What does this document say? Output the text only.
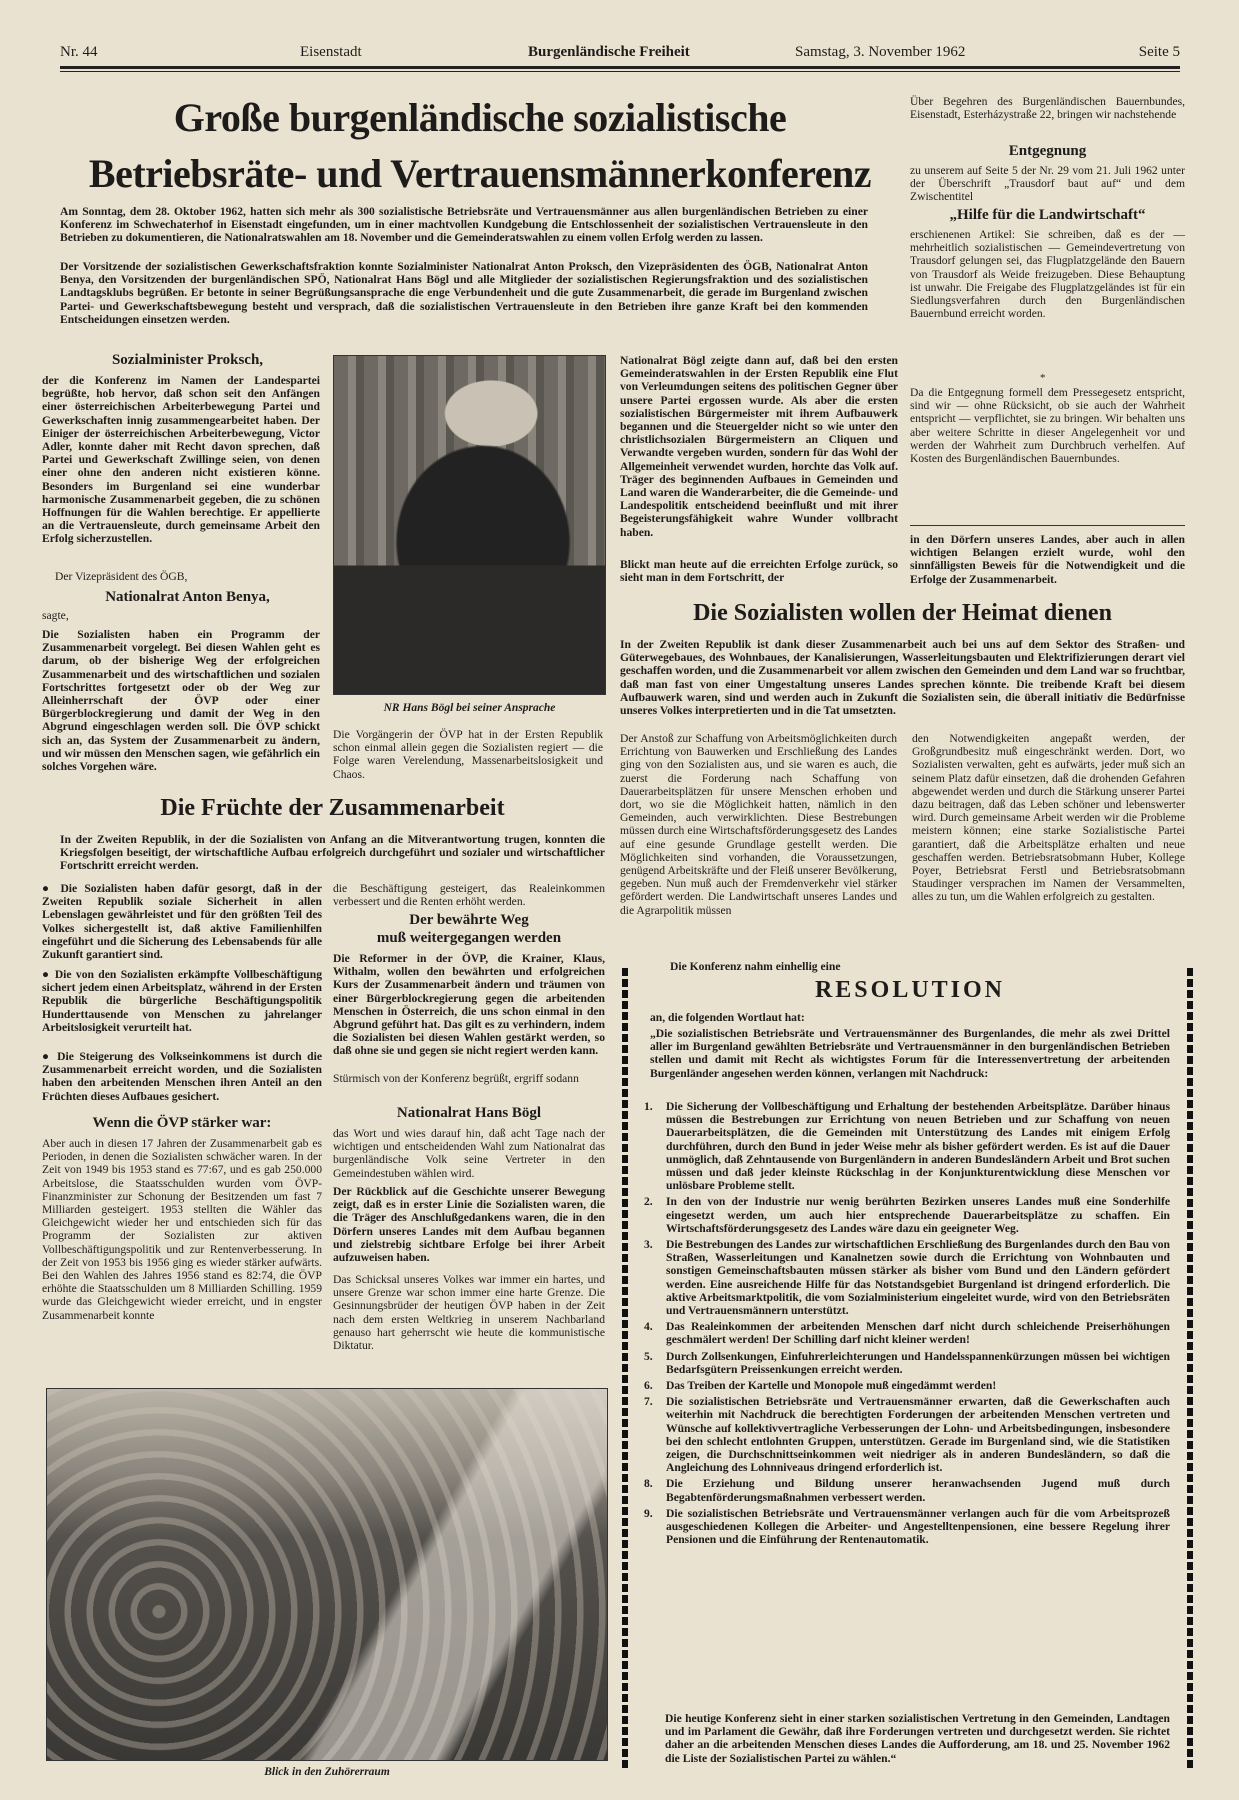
Nr. 44	Eisenstadt	Burgenländische Freiheit	Samstag, 3. November 1962	Seite 5
Große burgenländische sozialistische
Betriebsräte- und Vertrauensmännerkonferenz
Am Sonntag, dem 28. Oktober 1962, hatten sich mehr als 300 sozialistische Betriebsräte und Vertrauensmänner aus allen burgenländischen Betrieben zu einer Konferenz im Schwechaterhof in Eisenstadt eingefunden, um in einer machtvollen Kundgebung die Entschlossenheit der sozialistischen Vertrauensleute in den Betrieben zu dokumentieren, die Nationalratswahlen am 18. November und die Gemeinderatswahlen zu einem vollen Erfolg werden zu lassen.
Der Vorsitzende der sozialistischen Gewerkschaftsfraktion konnte Sozialminister Nationalrat Anton Proksch, den Vizepräsidenten des ÖGB, Nationalrat Anton Benya, den Vorsitzenden der burgenländischen SPÖ, Nationalrat Hans Bögl und alle Mitglieder der sozialistischen Regierungsfraktion und des sozialistischen Landtagsklubs begrüßen. Er betonte in seiner Begrüßungsansprache die enge Verbundenheit und die gute Zusammenarbeit, die gerade im Burgenland zwischen Partei- und Gewerkschaftsbewegung besteht und versprach, daß die sozialistischen Vertrauensleute in den Betrieben ihre ganze Kraft bei den kommenden Entscheidungen einsetzen werden.
Sozialminister Proksch,
der die Konferenz im Namen der Landespartei begrüßte, hob hervor, daß schon seit den Anfängen einer österreichischen Arbeiterbewegung Partei und Gewerkschaften innig zusammengearbeitet haben. Der Einiger der österreichischen Arbeiterbewegung, Victor Adler, konnte daher mit Recht davon sprechen, daß Partei und Gewerkschaft Zwillinge seien, von denen einer ohne den anderen nicht existieren könne. Besonders im Burgenland sei eine wunderbar harmonische Zusammenarbeit gegeben, die zu schönen Hoffnungen für die Wahlen berechtige. Er appellierte an die Vertrauensleute, durch gemeinsame Arbeit den Erfolg sicherzustellen.
Der Vizepräsident des ÖGB,
Nationalrat Anton Benya,
sagte,
Die Sozialisten haben ein Programm der Zusammenarbeit vorgelegt. Bei diesen Wahlen geht es darum, ob der bisherige Weg der erfolgreichen Zusammenarbeit und des wirtschaftlichen und sozialen Fortschrittes fortgesetzt oder ob der Weg zur Alleinherrschaft der ÖVP oder einer Bürgerblockregierung und damit der Weg in den Abgrund eingeschlagen werden soll. Die ÖVP schickt sich an, das System der Zusammenarbeit zu ändern, und wir müssen den Menschen sagen, wie gefährlich ein solches Vorgehen wäre.
NR Hans Bögl bei seiner Ansprache
Die Vorgängerin der ÖVP hat in der Ersten Republik schon einmal allein gegen die Sozialisten regiert — die Folge waren Verelendung, Massenarbeitslosigkeit und Chaos.
Nationalrat Bögl zeigte dann auf, daß bei den ersten Gemeinderatswahlen in der Ersten Republik eine Flut von Verleumdungen seitens des politischen Gegner über unsere Partei ergossen wurde. Als aber die ersten sozialistischen Bürgermeister mit ihrem Aufbauwerk begannen und die Steuergelder nicht so wie unter den christlichsozialen Bürgermeistern an Cliquen und Verwandte vergeben wurden, sondern für das Wohl der Allgemeinheit verwendet wurden, horchte das Volk auf. Träger des beginnenden Aufbaues in Gemeinden und Land waren die Wanderarbeiter, die die Gemeinde- und Landespolitik entscheidend beeinflußt und mit ihrer Begeisterungsfähigkeit wahre Wunder vollbracht haben.
Blickt man heute auf die erreichten Erfolge zurück, so sieht man in dem Fortschritt, der
Über Begehren des Burgenländischen Bauernbundes, Eisenstadt, Esterházystraße 22, bringen wir nachstehende
Entgegnung
zu unserem auf Seite 5 der Nr. 29 vom 21. Juli 1962 unter der Überschrift „Trausdorf baut auf“ und dem Zwischentitel
„Hilfe für die Landwirtschaft“
erschienenen Artikel: Sie schreiben, daß es der — mehrheitlich sozialistischen — Gemeindevertretung von Trausdorf gelungen sei, das Flugplatzgelände den Bauern von Trausdorf als Weide freizugeben. Diese Behauptung ist unwahr. Die Freigabe des Flugplatzgeländes ist für ein Siedlungsverfahren durch den Burgenländischen Bauernbund erreicht worden.
*
Da die Entgegnung formell dem Pressegesetz entspricht, sind wir — ohne Rücksicht, ob sie auch der Wahrheit entspricht — verpflichtet, sie zu bringen. Wir behalten uns aber weitere Schritte in dieser Angelegenheit vor und werden der Wahrheit zum Durchbruch verhelfen. Auf Kosten des Burgenländischen Bauernbundes.
in den Dörfern unseres Landes, aber auch in allen wichtigen Belangen erzielt wurde, wohl den sinnfälligsten Beweis für die Notwendigkeit und die Erfolge der Zusammenarbeit.
Die Sozialisten wollen der Heimat dienen
In der Zweiten Republik ist dank dieser Zusammenarbeit auch bei uns auf dem Sektor des Straßen- und Güterwegebaues, des Wohnbaues, der Kanalisierungen, Wasserleitungsbauten und Elektrifizierungen derart viel geschaffen worden, und die Zusammenarbeit vor allem zwischen den Gemeinden und dem Land war so fruchtbar, daß man fast von einer Umgestaltung unseres Landes sprechen könnte. Die treibende Kraft bei diesem Aufbauwerk waren, sind und werden auch in Zukunft die Sozialisten sein, die überall initiativ die Bedürfnisse unseres Volkes interpretierten und in die Tat umsetzten.
Der Anstoß zur Schaffung von Arbeitsmöglichkeiten durch Errichtung von Bauwerken und Erschließung des Landes ging von den Sozialisten aus, und sie waren es auch, die zuerst die Forderung nach Schaffung von Dauerarbeitsplätzen für unsere Menschen erhoben und dort, wo sie die Möglichkeit hatten, nämlich in den Gemeinden, auch verwirklichten. Diese Bestrebungen müssen durch eine Wirtschaftsförderungsgesetz des Landes auf eine gesunde Grundlage gestellt werden. Die Möglichkeiten sind vorhanden, die Voraussetzungen, genügend Arbeitskräfte und der Fleiß unserer Bevölkerung, gegeben. Nun muß auch der Fremdenverkehr viel stärker gefördert werden. Die Landwirtschaft unseres Landes und die Agrarpolitik müssen
den Notwendigkeiten angepaßt werden, der Großgrundbesitz muß eingeschränkt werden. Dort, wo Sozialisten verwalten, geht es aufwärts, jeder muß sich an seinem Platz dafür einsetzen, daß die drohenden Gefahren abgewendet werden und durch die Stärkung unserer Partei dazu beitragen, daß das Leben schöner und lebenswerter wird. Durch gemeinsame Arbeit werden wir die Probleme meistern können; eine starke Sozialistische Partei garantiert, daß die Arbeitsplätze erhalten und neue geschaffen werden. Betriebsratsobmann Huber, Kollege Poyer, Betriebsrat Ferstl und Betriebsratsobmann Staudinger versprachen im Namen der Versammelten, alles zu tun, um die Wahlen erfolgreich zu gestalten.
Die Früchte der Zusammenarbeit
In der Zweiten Republik, in der die Sozialisten von Anfang an die Mitverantwortung trugen, konnten die Kriegsfolgen beseitigt, der wirtschaftliche Aufbau erfolgreich durchgeführt und sozialer und wirtschaftlicher Fortschritt erreicht werden.
● Die Sozialisten haben dafür gesorgt, daß in der Zweiten Republik soziale Sicherheit in allen Lebenslagen gewährleistet und für den größten Teil des Volkes sichergestellt ist, daß aktive Familienhilfen eingeführt und die Sicherung des Lebensabends für alle Zukunft garantiert sind.
● Die von den Sozialisten erkämpfte Vollbeschäftigung sichert jedem einen Arbeitsplatz, während in der Ersten Republik die bürgerliche Beschäftigungspolitik Hunderttausende von Menschen zu jahrelanger Arbeitslosigkeit verurteilt hat.
● Die Steigerung des Volkseinkommens ist durch die Zusammenarbeit erreicht worden, und die Sozialisten haben den arbeitenden Menschen ihren Anteil an den Früchten dieses Aufbaues gesichert.
Wenn die ÖVP stärker war:
Aber auch in diesen 17 Jahren der Zusammenarbeit gab es Perioden, in denen die Sozialisten schwächer waren. In der Zeit von 1949 bis 1953 stand es 77:67, und es gab 250.000 Arbeitslose, die Staatsschulden wurden vom ÖVP-Finanzminister zur Schonung der Besitzenden um fast 7 Milliarden gesteigert. 1953 stellten die Wähler das Gleichgewicht wieder her und entschieden sich für das Programm der Sozialisten zur aktiven Vollbeschäftigungspolitik und zur Rentenverbesserung. In der Zeit von 1953 bis 1956 ging es wieder stärker aufwärts. Bei den Wahlen des Jahres 1956 stand es 82:74, die ÖVP erhöhte die Staatsschulden um 8 Milliarden Schilling. 1959 wurde das Gleichgewicht wieder erreicht, und in engster Zusammenarbeit konnte
die Beschäftigung gesteigert, das Realeinkommen verbessert und die Renten erhöht werden.
Der bewährte Weg
muß weitergegangen werden
Die Reformer in der ÖVP, die Krainer, Klaus, Withalm, wollen den bewährten und erfolgreichen Kurs der Zusammenarbeit ändern und träumen von einer Bürgerblockregierung gegen die arbeitenden Menschen in Österreich, die uns schon einmal in den Abgrund geführt hat. Das gilt es zu verhindern, indem die Sozialisten bei diesen Wahlen gestärkt werden, so daß ohne sie und gegen sie nicht regiert werden kann.
Stürmisch von der Konferenz begrüßt, ergriff sodann
Nationalrat Hans Bögl
das Wort und wies darauf hin, daß acht Tage nach der wichtigen und entscheidenden Wahl zum Nationalrat das burgenländische Volk seine Vertreter in den Gemeindestuben wählen wird.
Der Rückblick auf die Geschichte unserer Bewegung zeigt, daß es in erster Linie die Sozialisten waren, die die Träger des Anschlußgedankens waren, die in den Dörfern unseres Landes mit dem Aufbau begannen und zielstrebig sichtbare Erfolge bei ihrer Arbeit aufzuweisen haben.
Das Schicksal unseres Volkes war immer ein hartes, und unsere Grenze war schon immer eine harte Grenze. Die Gesinnungsbrüder der heutigen ÖVP haben in der Zeit nach dem ersten Weltkrieg in unserem Nachbarland genauso hart geherrscht wie heute die kommunistische Diktatur.
Blick in den Zuhörerraum
Die Konferenz nahm einhellig eine
RESOLUTION
an, die folgenden Wortlaut hat:
„Die sozialistischen Betriebsräte und Vertrauensmänner des Burgenlandes, die mehr als zwei Drittel aller im Burgenland gewählten Betriebsräte und Vertrauensmänner in den burgenländischen Betrieben stellen und damit mit Recht als wichtigstes Forum für die Interessenvertretung der arbeitenden Burgenländer angesehen werden können, verlangen mit Nachdruck:
1.	Die Sicherung der Vollbeschäftigung und Erhaltung der bestehenden Arbeitsplätze. Darüber hinaus müssen die Bestrebungen zur Errichtung von neuen Betrieben und zur Schaffung von neuen Dauerarbeitsplätzen, die die Gemeinden mit Unterstützung des Landes mit einigem Erfolg durchführen, durch den Bund in jeder Weise mehr als bisher gefördert werden. Es ist auf die Dauer unmöglich, daß Zehntausende von Burgenländern in anderen Bundesländern Arbeit und Brot suchen müssen und daß jeder kleinste Rückschlag in der Konjunkturentwicklung diese Menschen vor unlösbare Probleme stellt.
2.	In den von der Industrie nur wenig berührten Bezirken unseres Landes muß eine Sonderhilfe eingesetzt werden, um auch hier entsprechende Dauerarbeitsplätze zu schaffen. Ein Wirtschaftsförderungsgesetz des Landes wäre dazu ein geeigneter Weg.
3.	Die Bestrebungen des Landes zur wirtschaftlichen Erschließung des Burgenlandes durch den Bau von Straßen, Wasserleitungen und Kanalnetzen sowie durch die Errichtung von Wohnbauten und sonstigen Gemeinschaftsbauten müssen stärker als bisher vom Bund und den Ländern gefördert werden. Eine ausreichende Hilfe für das Notstandsgebiet Burgenland ist dringend erforderlich. Die aktive Arbeitsmarktpolitik, die vom Sozialministerium eingeleitet wurde, wird von den Betriebsräten und Vertrauensmännern unterstützt.
4.	Das Realeinkommen der arbeitenden Menschen darf nicht durch schleichende Preiserhöhungen geschmälert werden! Der Schilling darf nicht kleiner werden!
5.	Durch Zollsenkungen, Einfuhrerleichterungen und Handelsspannenkürzungen müssen bei wichtigen Bedarfsgütern Preissenkungen erreicht werden.
6.	Das Treiben der Kartelle und Monopole muß eingedämmt werden!
7.	Die sozialistischen Betriebsräte und Vertrauensmänner erwarten, daß die Gewerkschaften auch weiterhin mit Nachdruck die berechtigten Forderungen der arbeitenden Menschen vertreten und Wünsche auf kollektivvertragliche Verbesserungen der Lohn- und Arbeitsbedingungen, insbesondere bei den schlecht entlohnten Gruppen, unterstützen. Gerade im Burgenland sind, wie die Statistiken zeigen, die Durchschnittseinkommen weit niedriger als in anderen Bundesländern, so daß die Angleichung des Lohnniveaus dringend erforderlich ist.
8.	Die Erziehung und Bildung unserer heranwachsenden Jugend muß durch Begabtenförderungsmaßnahmen verbessert werden.
9.	Die sozialistischen Betriebsräte und Vertrauensmänner verlangen auch für die vom Arbeitsprozeß ausgeschiedenen Kollegen die Arbeiter- und Angestelltenpensionen, eine bessere Regelung ihrer Pensionen und die Einführung der Rentenautomatik.
Die heutige Konferenz sieht in einer starken sozialistischen Vertretung in den Gemeinden, Landtagen und im Parlament die Gewähr, daß ihre Forderungen vertreten und durchgesetzt werden. Sie richtet daher an die arbeitenden Menschen dieses Landes die Aufforderung, am 18. und 25. November 1962 die Liste der Sozialistischen Partei zu wählen.“
